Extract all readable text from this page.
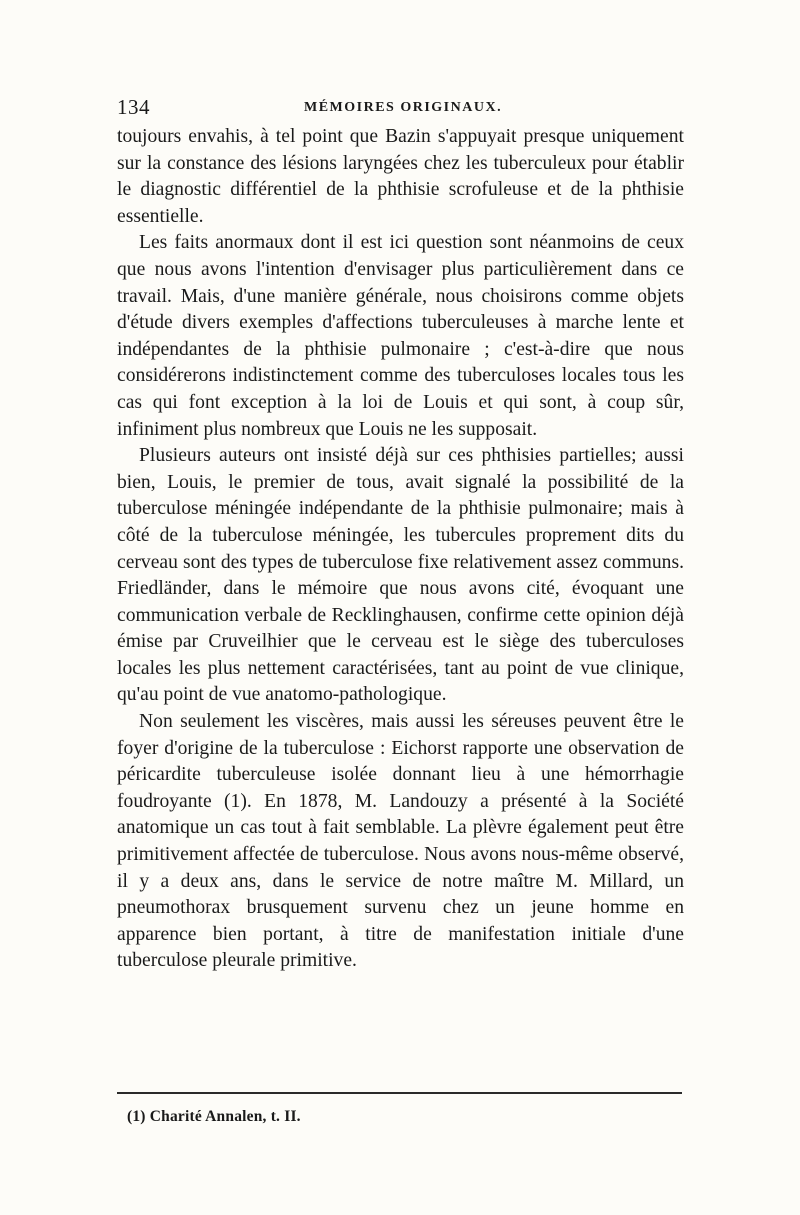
134	MÉMOIRES ORIGINAUX.

toujours envahis, à tel point que Bazin s'appuyait presque uniquement sur la constance des lésions laryngées chez les tuberculeux pour établir le diagnostic différentiel de la phthisie scrofuleuse et de la phthisie essentielle.

Les faits anormaux dont il est ici question sont néanmoins de ceux que nous avons l'intention d'envisager plus particulièrement dans ce travail. Mais, d'une manière générale, nous choisirons comme objets d'étude divers exemples d'affections tuberculeuses à marche lente et indépendantes de la phthisie pulmonaire ; c'est-à-dire que nous considérerons indistinctement comme des tuberculoses locales tous les cas qui font exception à la loi de Louis et qui sont, à coup sûr, infiniment plus nombreux que Louis ne les supposait.

Plusieurs auteurs ont insisté déjà sur ces phthisies partielles; aussi bien, Louis, le premier de tous, avait signalé la possibilité de la tuberculose méningée indépendante de la phthisie pulmonaire; mais à côté de la tuberculose méningée, les tubercules proprement dits du cerveau sont des types de tuberculose fixe relativement assez communs. Friedländer, dans le mémoire que nous avons cité, évoquant une communication verbale de Recklinghausen, confirme cette opinion déjà émise par Cruveilhier que le cerveau est le siège des tuberculoses locales les plus nettement caractérisées, tant au point de vue clinique, qu'au point de vue anatomo-pathologique.

Non seulement les viscères, mais aussi les séreuses peuvent être le foyer d'origine de la tuberculose : Eichorst rapporte une observation de péricardite tuberculeuse isolée donnant lieu à une hémorrhagie foudroyante (1). En 1878, M. Landouzy a présenté à la Société anatomique un cas tout à fait semblable. La plèvre également peut être primitivement affectée de tuberculose. Nous avons nous-même observé, il y a deux ans, dans le service de notre maître M. Millard, un pneumothorax brusquement survenu chez un jeune homme en apparence bien portant, à titre de manifestation initiale d'une tuberculose pleurale primitive.

(1) Charité Annalen, t. II.
